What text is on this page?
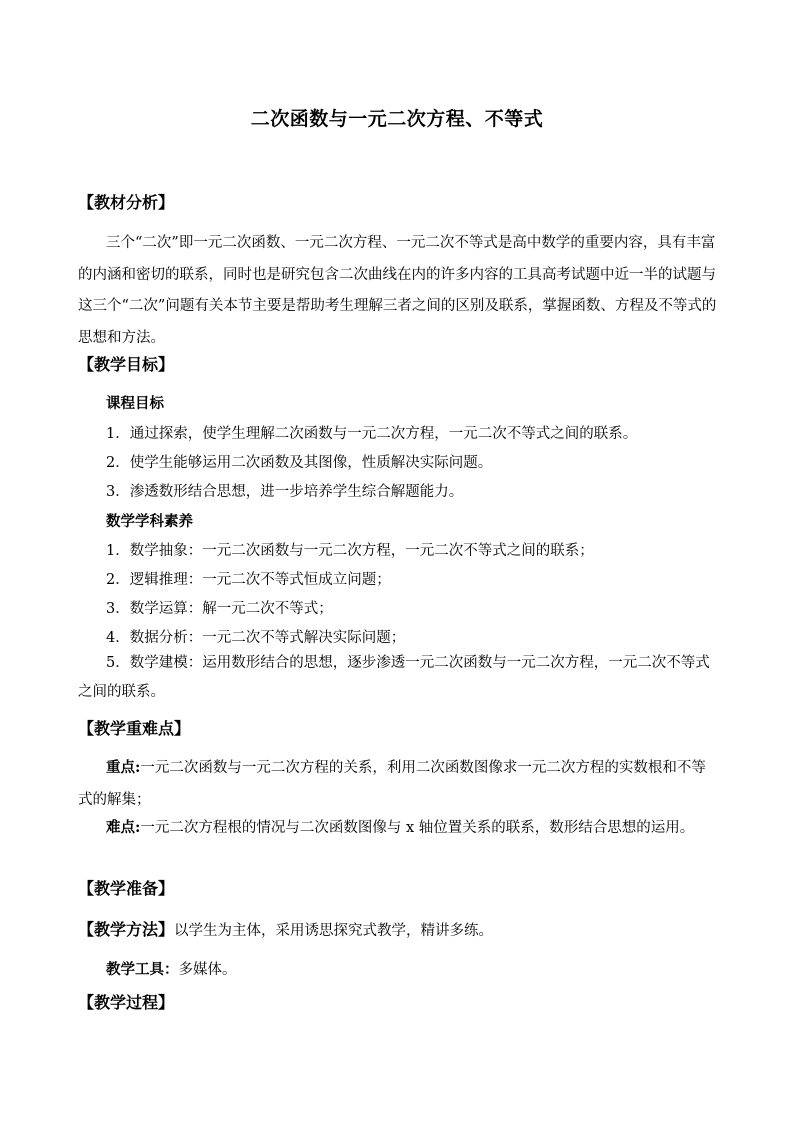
二次函数与一元二次方程、不等式
【教材分析】

三个“二次”即一元二次函数、一元二次方程、一元二次不等式是高中数学的重要内容，具有丰富的内涵和密切的联系，同时也是研究包含二次曲线在内的许多内容的工具高考试题中近一半的试题与这三个“二次”问题有关本节主要是帮助考生理解三者之间的区别及联系，掌握函数、方程及不等式的思想和方法。

【教学目标】
课程目标
1．通过探索，使学生理解二次函数与一元二次方程，一元二次不等式之间的联系。
2．使学生能够运用二次函数及其图像，性质解决实际问题。
3．渗透数形结合思想，进一步培养学生综合解题能力。
数学学科素养
1．数学抽象：一元二次函数与一元二次方程，一元二次不等式之间的联系；
2．逻辑推理：一元二次不等式恒成立问题；
3．数学运算：解一元二次不等式；
4．数据分析：一元二次不等式解决实际问题；

5．数学建模：运用数形结合的思想，逐步渗透一元二次函数与一元二次方程，一元二次不等式之间的联系。

【教学重难点】

重点:一元二次函数与一元二次方程的关系，利用二次函数图像求一元二次方程的实数根和不等式的解集；

难点:一元二次方程根的情况与二次函数图像与 x 轴位置关系的联系，数形结合思想的运用。

【教学准备】
【教学方法】以学生为主体，采用诱思探究式教学，精讲多练。
教学工具：多媒体。
【教学过程】
